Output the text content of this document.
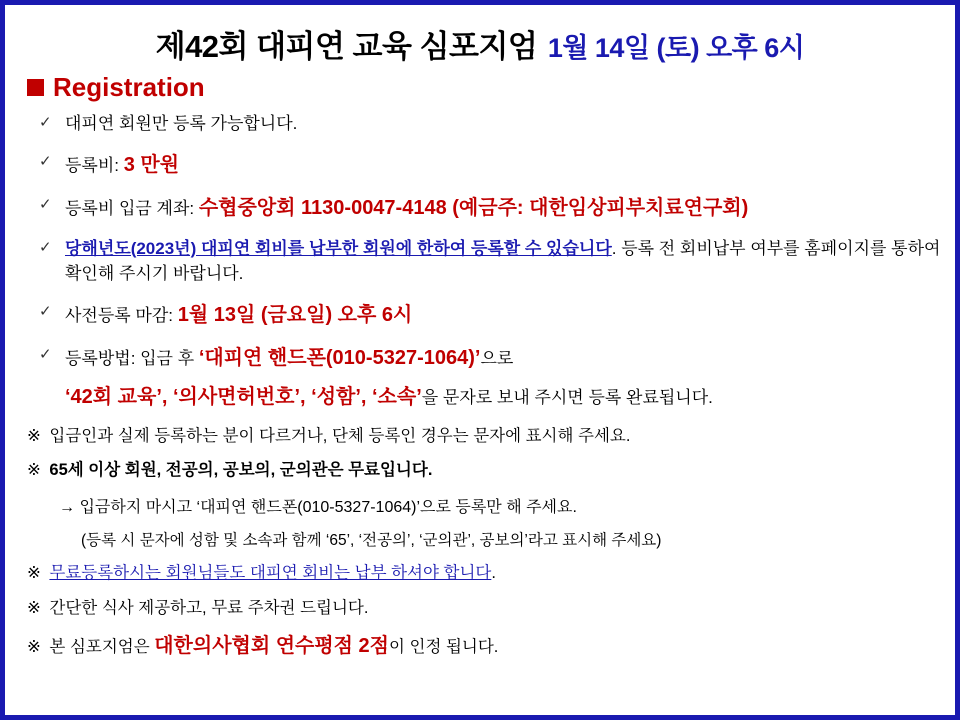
제42회 대피연 교육 심포지엄 1월 14일 (토) 오후 6시
Registration
✓ 대피연 회원만 등록 가능합니다.
✓ 등록비: 3 만원
✓ 등록비 입금 계좌: 수협중앙회 1130-0047-4148 (예금주: 대한임상피부치료연구회)
✓ 당해년도(2023년) 대피연 회비를 납부한 회원에 한하여 등록할 수 있습니다. 등록 전 회비납부 여부를 홈페이지를 통하여 확인해 주시기 바랍니다.
✓ 사전등록 마감: 1월 13일 (금요일) 오후 6시
✓ 등록방법: 입금 후 ‘대피연 핸드폰(010-5327-1064)’으로
‘42회 교육’, ‘의사면허번호’, ‘성함’, ‘소속’을 문자로 보내 주시면 등록 완료됩니다.
※ 입금인과 실제 등록하는 분이 다르거나, 단체 등록인 경우는 문자에 표시해 주세요.
※ 65세 이상 회원, 전공의, 공보의, 군의관은 무료입니다.
→ 입금하지 마시고 ‘대피연 핸드폰(010-5327-1064)’으로 등록만 해 주세요.
(등록 시 문자에 성함 및 소속과 함께 ‘65’, ‘전공의’, ‘군의관’, 공보의’라고 표시해 주세요)
※ 무료등록하시는 회원님들도 대피연 회비는 납부 하셔야 합니다.
※ 간단한 식사 제공하고, 무료 주차권 드립니다.
※ 본 심포지엄은 대한의사협회 연수평점 2점이 인정 됩니다.
